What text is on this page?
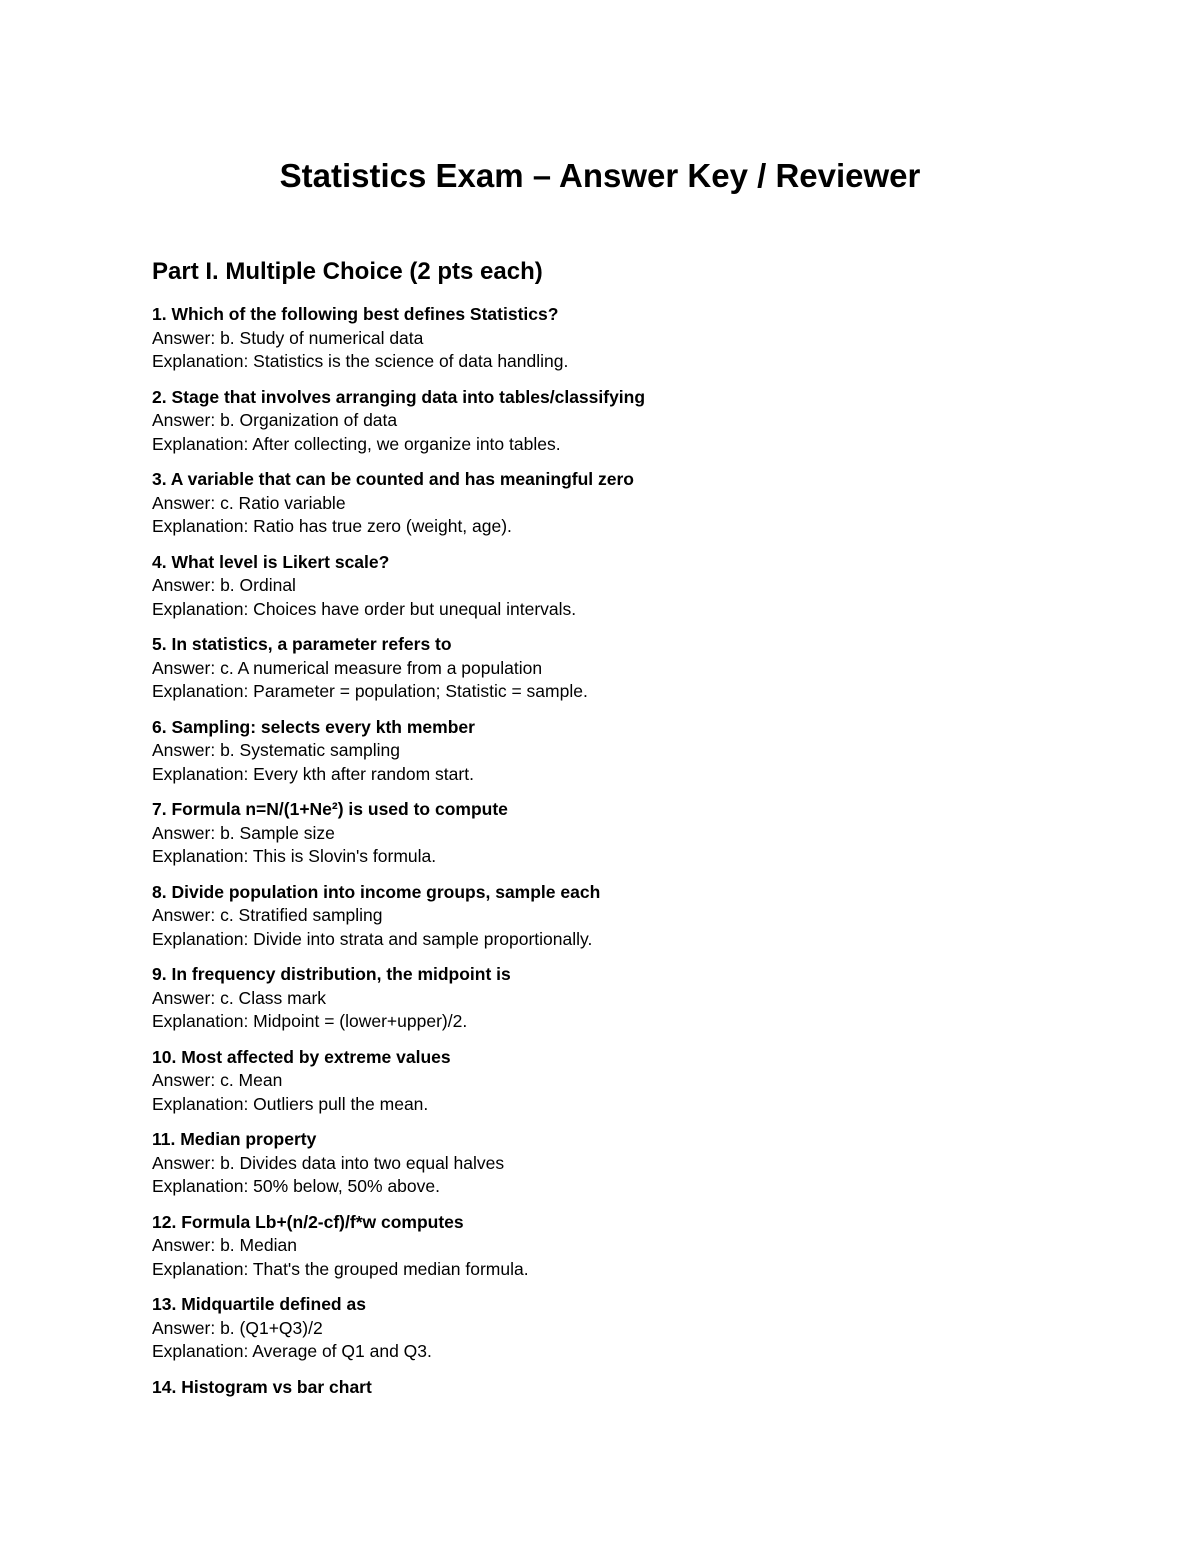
Statistics Exam – Answer Key / Reviewer
Part I. Multiple Choice (2 pts each)
1. Which of the following best defines Statistics?
Answer: b. Study of numerical data
Explanation: Statistics is the science of data handling.
2. Stage that involves arranging data into tables/classifying
Answer: b. Organization of data
Explanation: After collecting, we organize into tables.
3. A variable that can be counted and has meaningful zero
Answer: c. Ratio variable
Explanation: Ratio has true zero (weight, age).
4. What level is Likert scale?
Answer: b. Ordinal
Explanation: Choices have order but unequal intervals.
5. In statistics, a parameter refers to
Answer: c. A numerical measure from a population
Explanation: Parameter = population; Statistic = sample.
6. Sampling: selects every kth member
Answer: b. Systematic sampling
Explanation: Every kth after random start.
7. Formula n=N/(1+Ne²) is used to compute
Answer: b. Sample size
Explanation: This is Slovin's formula.
8. Divide population into income groups, sample each
Answer: c. Stratified sampling
Explanation: Divide into strata and sample proportionally.
9. In frequency distribution, the midpoint is
Answer: c. Class mark
Explanation: Midpoint = (lower+upper)/2.
10. Most affected by extreme values
Answer: c. Mean
Explanation: Outliers pull the mean.
11. Median property
Answer: b. Divides data into two equal halves
Explanation: 50% below, 50% above.
12. Formula Lb+(n/2-cf)/f*w computes
Answer: b. Median
Explanation: That's the grouped median formula.
13. Midquartile defined as
Answer: b. (Q1+Q3)/2
Explanation: Average of Q1 and Q3.
14. Histogram vs bar chart
